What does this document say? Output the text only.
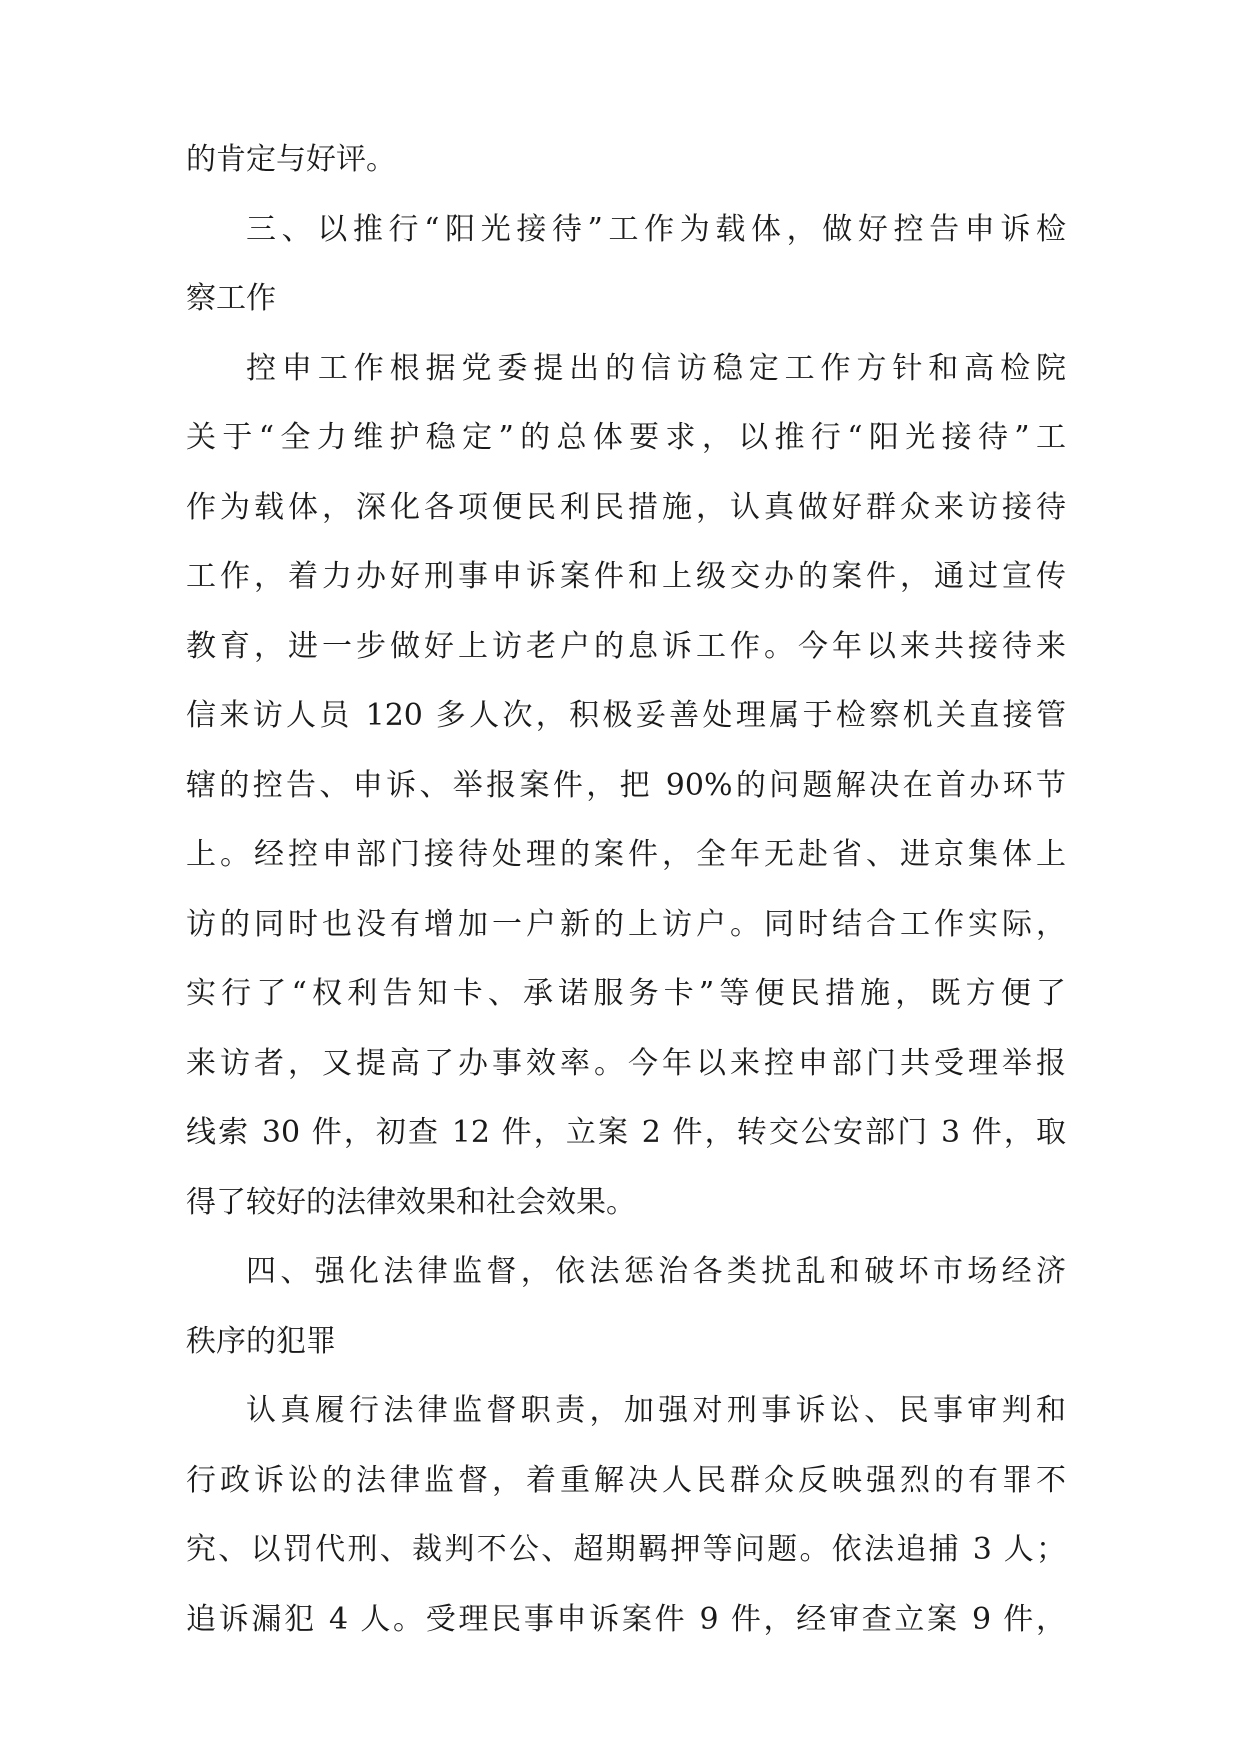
的肯定与好评。
三、以推行“阳光接待”工作为载体，做好控告申诉检
察工作
控申工作根据党委提出的信访稳定工作方针和高检院
关于“全力维护稳定”的总体要求，以推行“阳光接待”工
作为载体，深化各项便民利民措施，认真做好群众来访接待
工作，着力办好刑事申诉案件和上级交办的案件，通过宣传
教育，进一步做好上访老户的息诉工作。今年以来共接待来
信来访人员 120 多人次，积极妥善处理属于检察机关直接管
辖的控告、申诉、举报案件，把 90%的问题解决在首办环节
上。经控申部门接待处理的案件，全年无赴省、进京集体上
访的同时也没有增加一户新的上访户。同时结合工作实际，
实行了“权利告知卡、承诺服务卡”等便民措施，既方便了
来访者，又提高了办事效率。今年以来控申部门共受理举报
线索 30 件，初查 12 件，立案 2 件，转交公安部门 3 件，取
得了较好的法律效果和社会效果。
四、强化法律监督，依法惩治各类扰乱和破坏市场经济
秩序的犯罪
认真履行法律监督职责，加强对刑事诉讼、民事审判和
行政诉讼的法律监督，着重解决人民群众反映强烈的有罪不
究、以罚代刑、裁判不公、超期羁押等问题。依法追捕 3 人；
追诉漏犯 4 人。受理民事申诉案件 9 件，经审查立案 9 件，
